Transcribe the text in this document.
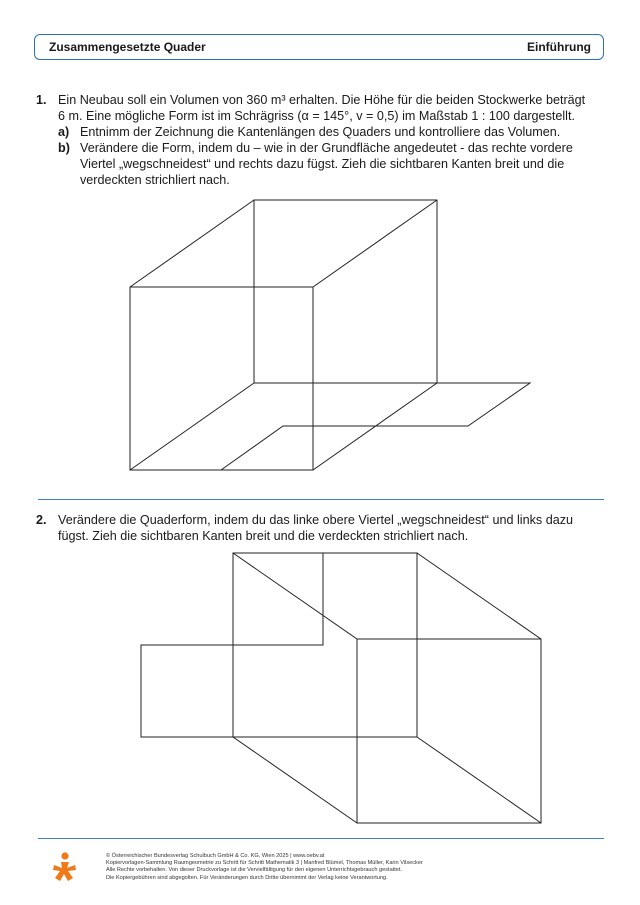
Zusammengesetzte Quader	Einführung
1. Ein Neubau soll ein Volumen von 360 m³ erhalten. Die Höhe für die beiden Stockwerke beträgt
6 m. Eine mögliche Form ist im Schrägriss (α = 145°, v = 0,5) im Maßstab 1 : 100 dargestellt.
a) Entnimm der Zeichnung die Kantenlängen des Quaders und kontrolliere das Volumen.
b) Verändere die Form, indem du – wie in der Grundfläche angedeutet - das rechte vordere
Viertel „wegschneidest“ und rechts dazu fügst. Zieh die sichtbaren Kanten breit und die
verdeckten strichliert nach.
2. Verändere die Quaderform, indem du das linke obere Viertel „wegschneidest“ und links dazu
fügst. Zieh die sichtbaren Kanten breit und die verdeckten strichliert nach.
© Österreichischer Bundesverlag Schulbuch GmbH & Co. KG, Wien 2025 | www.oebv.at
Kopiervorlagen-Sammlung Raumgeometrie zu Schritt für Schritt Mathematik 3 | Manfred Blümel, Thomas Müller, Karin Vilsecker
Alle Rechte vorbehalten. Von dieser Druckvorlage ist die Vervielfältigung für den eigenen Unterrichtsgebrauch gestattet.
Die Kopiergebühren sind abgegolten. Für Veränderungen durch Dritte übernimmt der Verlag keine Verantwortung.
